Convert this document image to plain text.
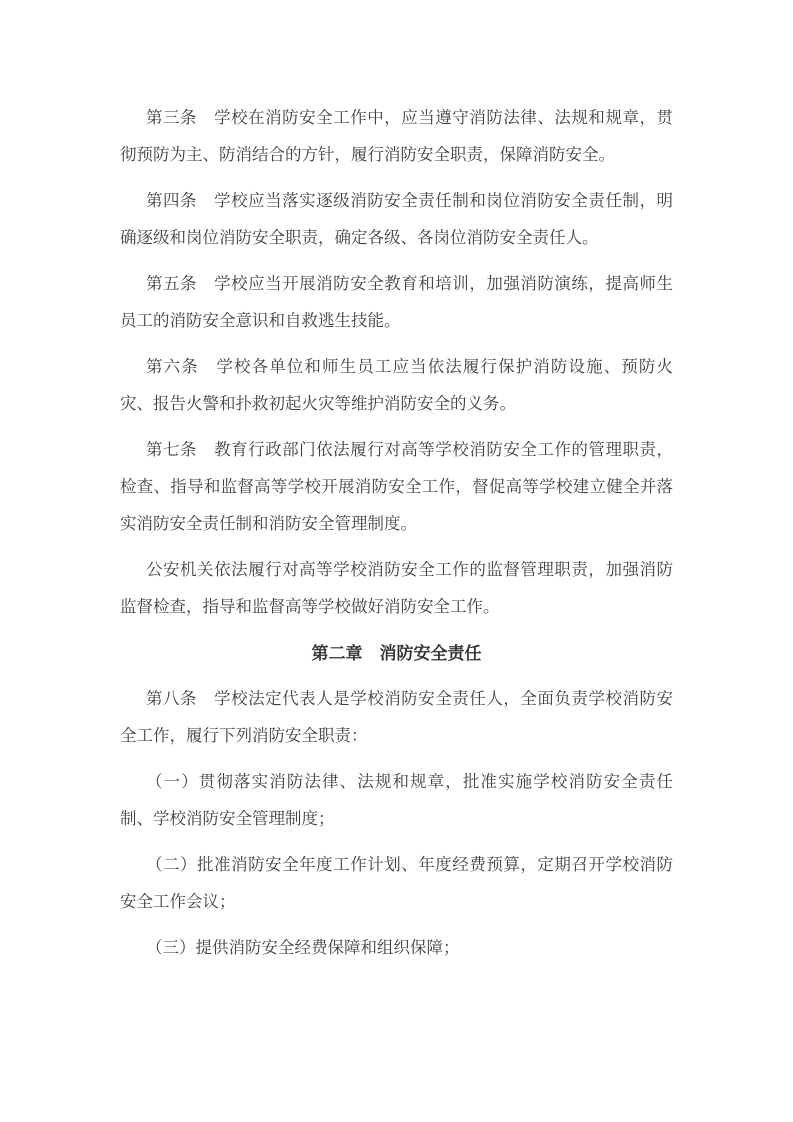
第三条　学校在消防安全工作中，应当遵守消防法律、法规和规章，贯彻预防为主、防消结合的方针，履行消防安全职责，保障消防安全。

第四条　学校应当落实逐级消防安全责任制和岗位消防安全责任制，明确逐级和岗位消防安全职责，确定各级、各岗位消防安全责任人。

第五条　学校应当开展消防安全教育和培训，加强消防演练，提高师生员工的消防安全意识和自救逃生技能。

第六条　学校各单位和师生员工应当依法履行保护消防设施、预防火灾、报告火警和扑救初起火灾等维护消防安全的义务。

第七条　教育行政部门依法履行对高等学校消防安全工作的管理职责，检查、指导和监督高等学校开展消防安全工作，督促高等学校建立健全并落实消防安全责任制和消防安全管理制度。

公安机关依法履行对高等学校消防安全工作的监督管理职责，加强消防监督检查，指导和监督高等学校做好消防安全工作。

第二章　消防安全责任

第八条　学校法定代表人是学校消防安全责任人，全面负责学校消防安全工作，履行下列消防安全职责：

（一）贯彻落实消防法律、法规和规章，批准实施学校消防安全责任制、学校消防安全管理制度；

（二）批准消防安全年度工作计划、年度经费预算，定期召开学校消防安全工作会议；

（三）提供消防安全经费保障和组织保障；
